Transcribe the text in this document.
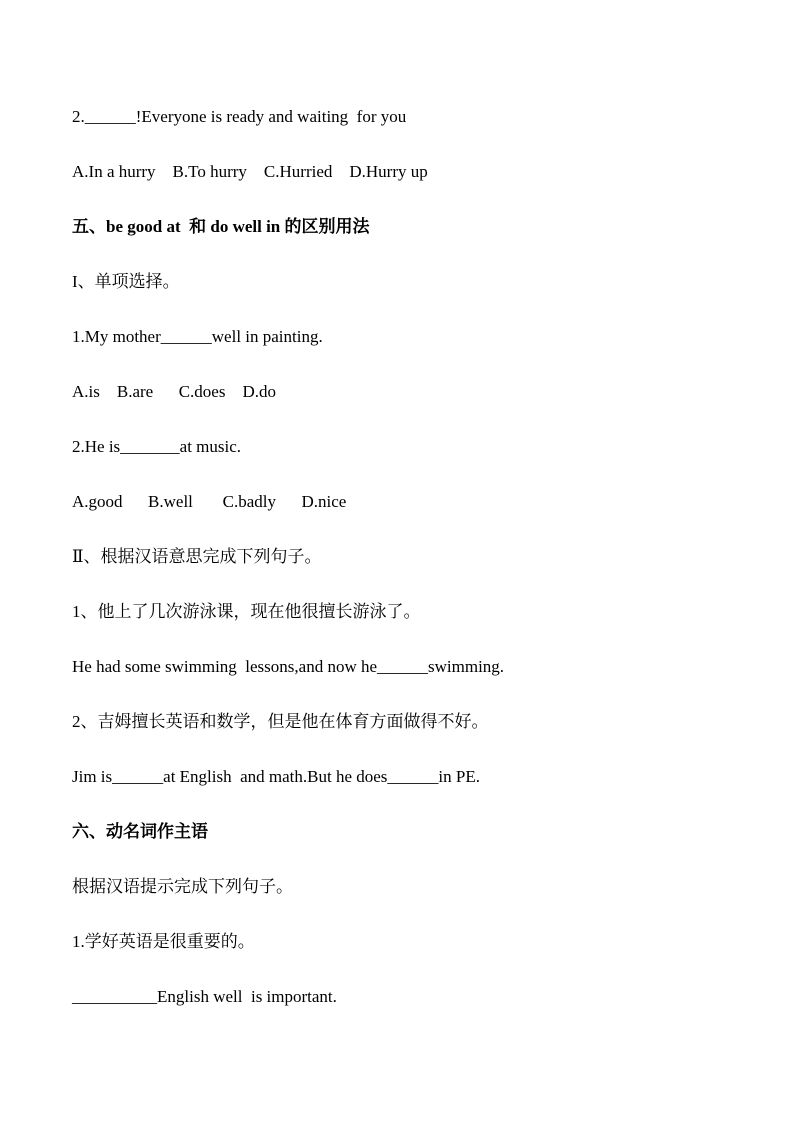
2.______!Everyone is ready and waiting  for you
A.In a hurry    B.To hurry    C.Hurried    D.Hurry up
五、be good at  和 do well in 的区别用法
I、单项选择。
1.My mother______well in painting.
A.is    B.are      C.does    D.do
2.He is_______at music.
A.good      B.well       C.badly      D.nice
Ⅱ、根据汉语意思完成下列句子。
1、他上了几次游泳课，现在他很擅长游泳了。
He had some swimming  lessons,and now he______swimming.
2、吉姆擅长英语和数学，但是他在体育方面做得不好。
Jim is______at English  and math.But he does______in PE.
六、动名词作主语
根据汉语提示完成下列句子。
1.学好英语是很重要的。
__________English well  is important.
